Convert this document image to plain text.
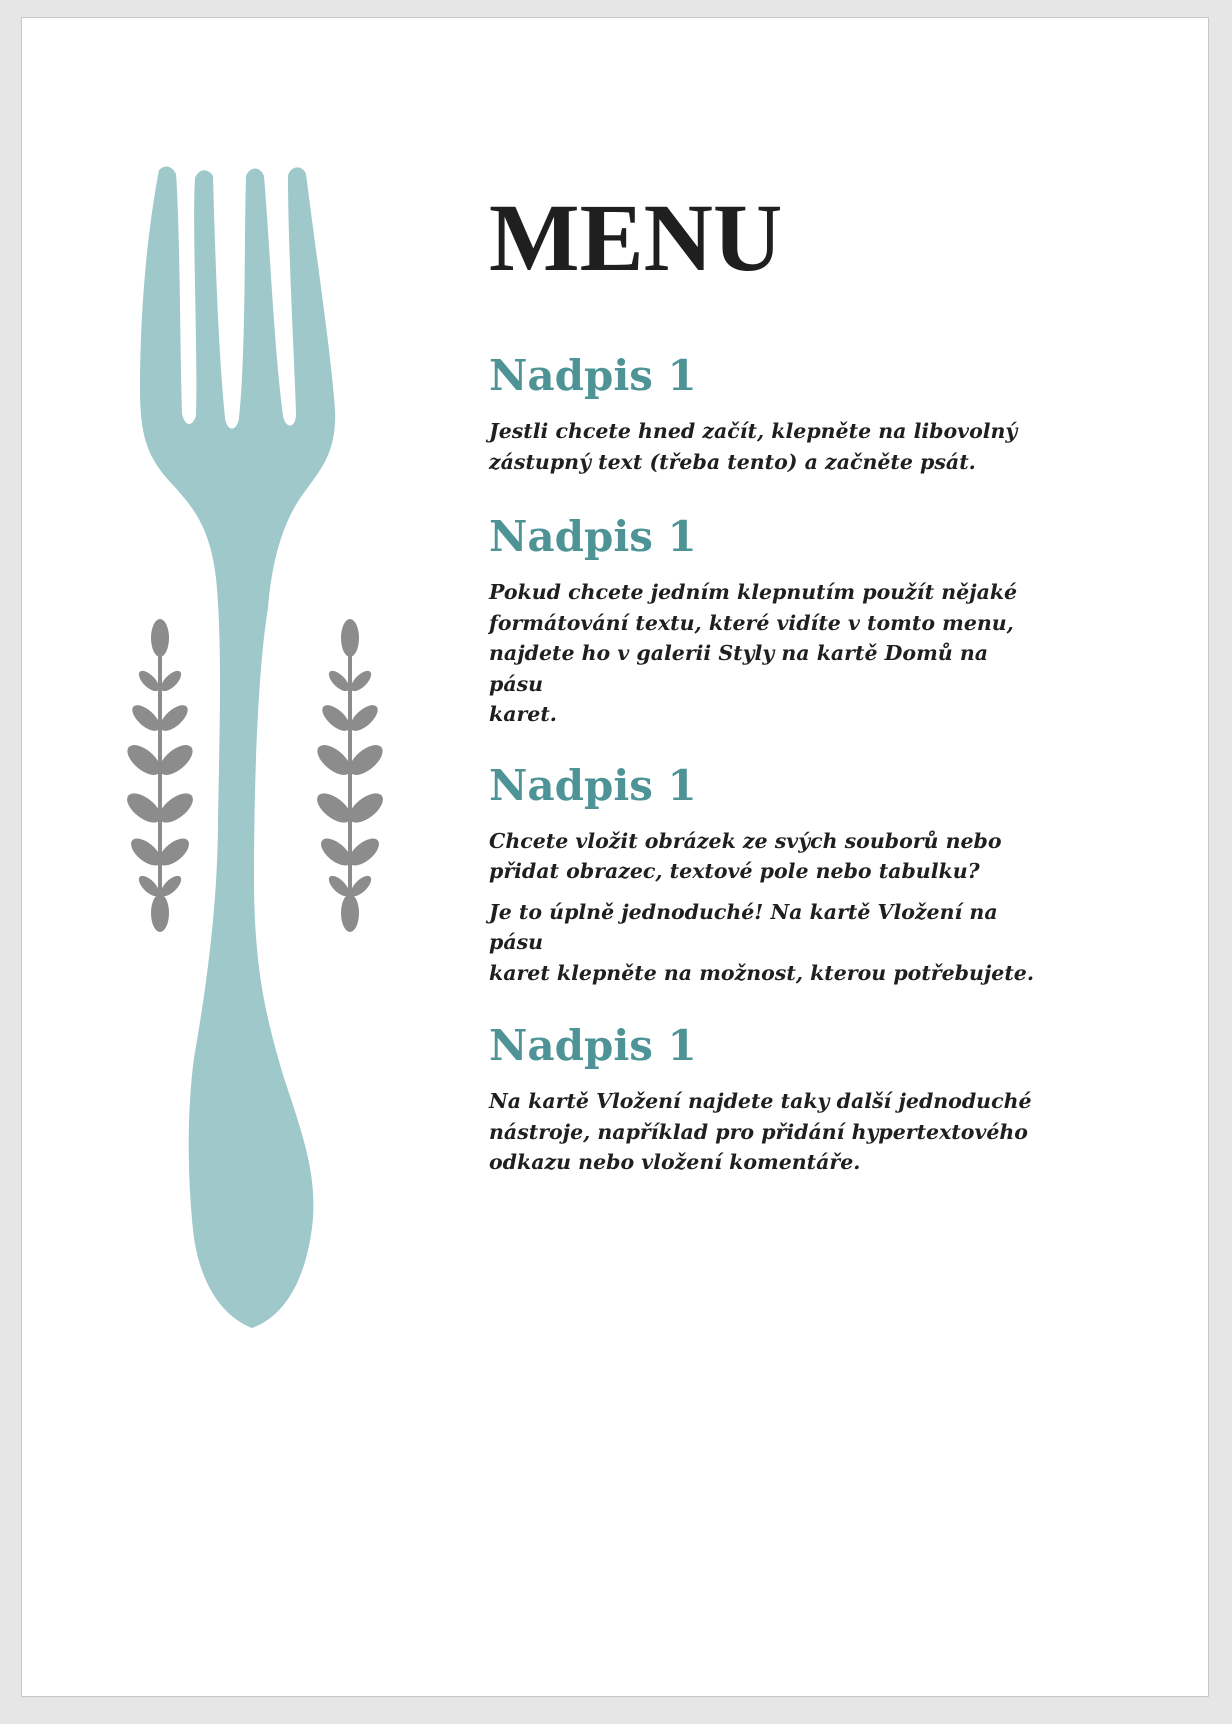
MENU
Nadpis 1

Jestli chcete hned začít, klepněte na libovolný
zástupný text (třeba tento) a začněte psát.

Nadpis 1

Pokud chcete jedním klepnutím použít nějaké
formátování textu, které vidíte v tomto menu,
najdete ho v galerii Styly na kartě Domů na pásu
karet.

Nadpis 1

Chcete vložit obrázek ze svých souborů nebo
přidat obrazec, textové pole nebo tabulku?

Je to úplně jednoduché! Na kartě Vložení na pásu
karet klepněte na možnost, kterou potřebujete.

Nadpis 1

Na kartě Vložení najdete taky další jednoduché
nástroje, například pro přidání hypertextového
odkazu nebo vložení komentáře.
